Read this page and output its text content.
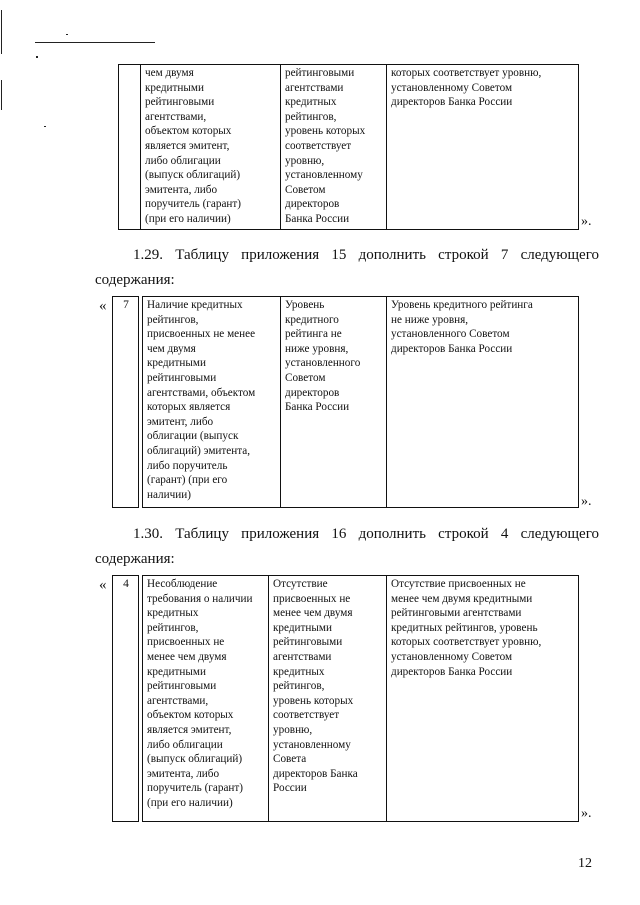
	чем двумя
кредитными
рейтинговыми
агентствами,
объектом которых
является эмитент,
либо облигации
(выпуск облигаций)
эмитента, либо
поручитель (гарант)
(при его наличии)	рейтинговыми
агентствами
кредитных
рейтингов,
уровень которых
соответствует
уровню,
установленному
Советом
директоров
Банка России	которых соответствует уровню,
установленному Советом
директоров Банка России
».

1.29. Таблицу приложения 15 дополнить строкой 7 следующего

содержания:

« 7		Наличие кредитных
рейтингов,
присвоенных не менее
чем двумя
кредитными
рейтинговыми
агентствами, объектом
которых является
эмитент, либо
облигации (выпуск
облигаций) эмитента,
либо поручитель
(гарант) (при его
наличии)	Уровень
кредитного
рейтинга не
ниже уровня,
установленного
Советом
директоров
Банка России	Уровень кредитного рейтинга
не ниже уровня,
установленного Советом
директоров Банка России
».

1.30. Таблицу приложения 16 дополнить строкой 4 следующего

содержания:

« 4		Несоблюдение
требования о наличии
кредитных
рейтингов,
присвоенных не
менее чем двумя
кредитными
рейтинговыми
агентствами,
объектом которых
является эмитент,
либо облигации
(выпуск облигаций)
эмитента, либо
поручитель (гарант)
(при его наличии)	Отсутствие
присвоенных не
менее чем двумя
кредитными
рейтинговыми
агентствами
кредитных
рейтингов,
уровень которых
соответствует
уровню,
установленному
Совета
директоров Банка
России	Отсутствие присвоенных не
менее чем двумя кредитными
рейтинговыми агентствами
кредитных рейтингов, уровень
которых соответствует уровню,
установленному Советом
директоров Банка России
».
12
